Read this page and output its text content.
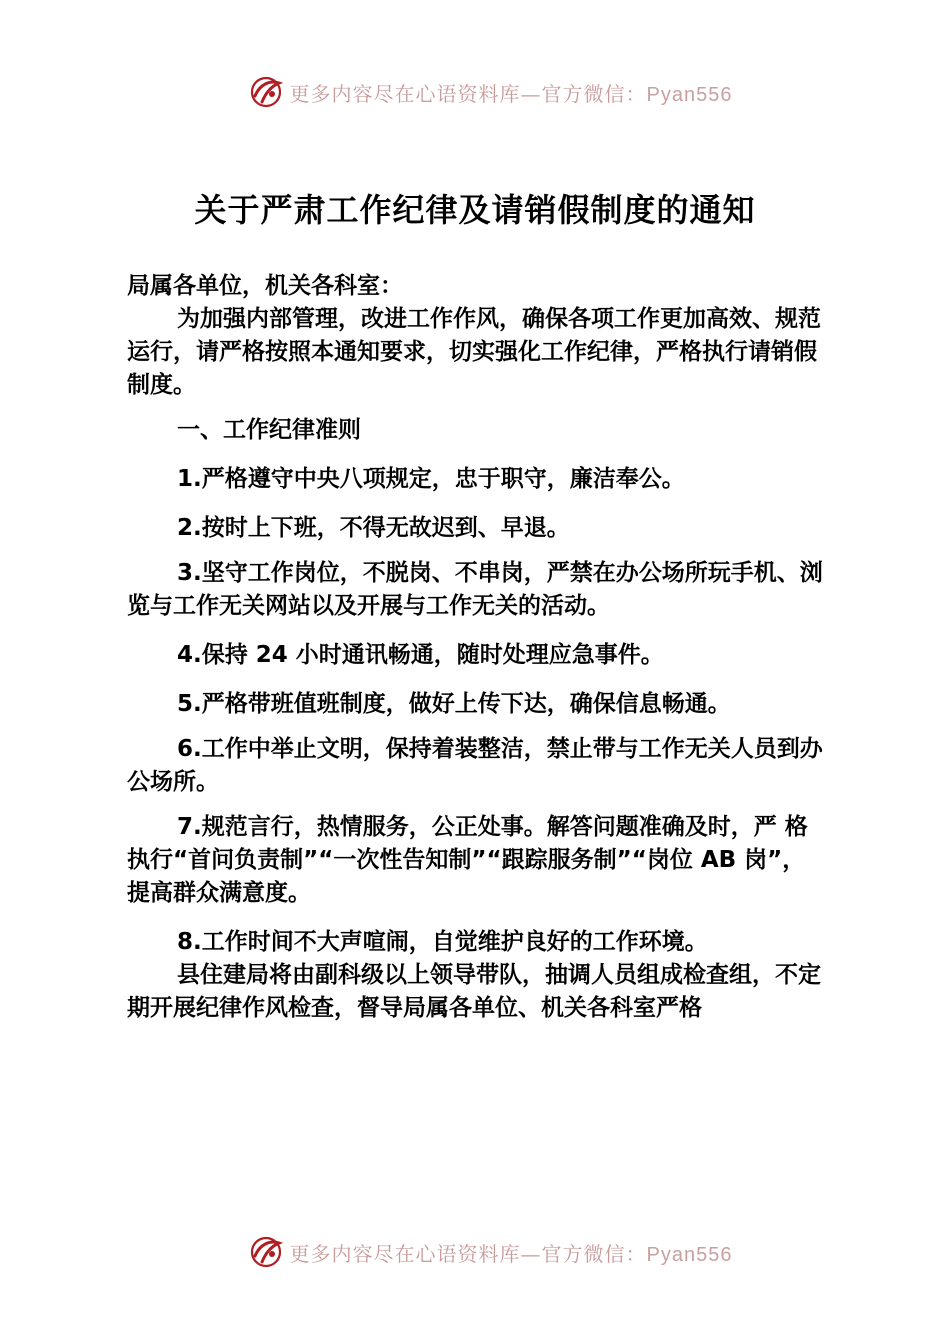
更多内容尽在心语资料库—官方微信：Pyan556
关于严肃工作纪律及请销假制度的通知

局属各单位，机关各科室：

为加强内部管理，改进工作作风，确保各项工作更加高效、规范运行，请严格按照本通知要求，切实强化工作纪律，严格执行请销假制度。

一、工作纪律准则

1.严格遵守中央八项规定，忠于职守，廉洁奉公。

2.按时上下班，不得无故迟到、早退。

3.坚守工作岗位，不脱岗、不串岗，严禁在办公场所玩手机、浏览与工作无关网站以及开展与工作无关的活动。

4.保持 24 小时通讯畅通，随时处理应急事件。

5.严格带班值班制度，做好上传下达，确保信息畅通。

6.工作中举止文明，保持着装整洁，禁止带与工作无关人员到办公场所。

7.规范言行，热情服务，公正处事。解答问题准确及时，严 格执行“首问负责制”“一次性告知制”“跟踪服务制”“岗位 AB 岗”，提高群众满意度。

8.工作时间不大声喧闹，自觉维护良好的工作环境。

县住建局将由副科级以上领导带队，抽调人员组成检查组，不定期开展纪律作风检查，督导局属各单位、机关各科室严格

更多内容尽在心语资料库—官方微信：Pyan556
